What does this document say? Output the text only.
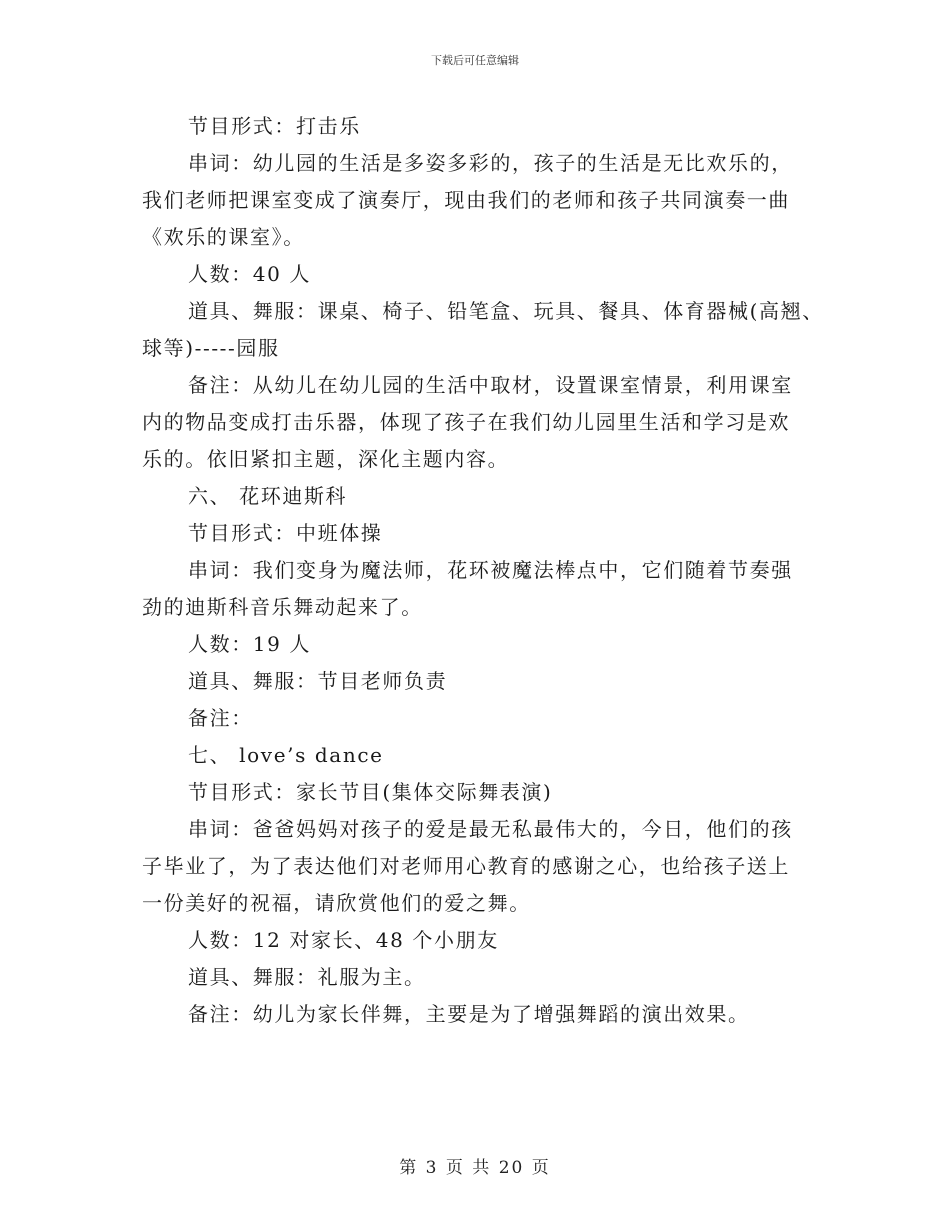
下载后可任意编辑
节目形式：打击乐
串词：幼儿园的生活是多姿多彩的，孩子的生活是无比欢乐的，
我们老师把课室变成了演奏厅，现由我们的老师和孩子共同演奏一曲
《欢乐的课室》。
人数：40 人
道具、舞服：课桌、椅子、铅笔盒、玩具、餐具、体育器械(高翘、
球等)-----园服
备注：从幼儿在幼儿园的生活中取材，设置课室情景，利用课室
内的物品变成打击乐器，体现了孩子在我们幼儿园里生活和学习是欢
乐的。依旧紧扣主题，深化主题内容。
六、 花环迪斯科
节目形式：中班体操
串词：我们变身为魔法师，花环被魔法棒点中，它们随着节奏强
劲的迪斯科音乐舞动起来了。
人数：19 人
道具、舞服：节目老师负责
备注：
七、 love’s dance
节目形式：家长节目(集体交际舞表演)
串词：爸爸妈妈对孩子的爱是最无私最伟大的，今日，他们的孩
子毕业了，为了表达他们对老师用心教育的感谢之心，也给孩子送上
一份美好的祝福，请欣赏他们的爱之舞。
人数：12 对家长、48 个小朋友
道具、舞服：礼服为主。
备注：幼儿为家长伴舞，主要是为了增强舞蹈的演出效果。
第 3 页 共 20 页
